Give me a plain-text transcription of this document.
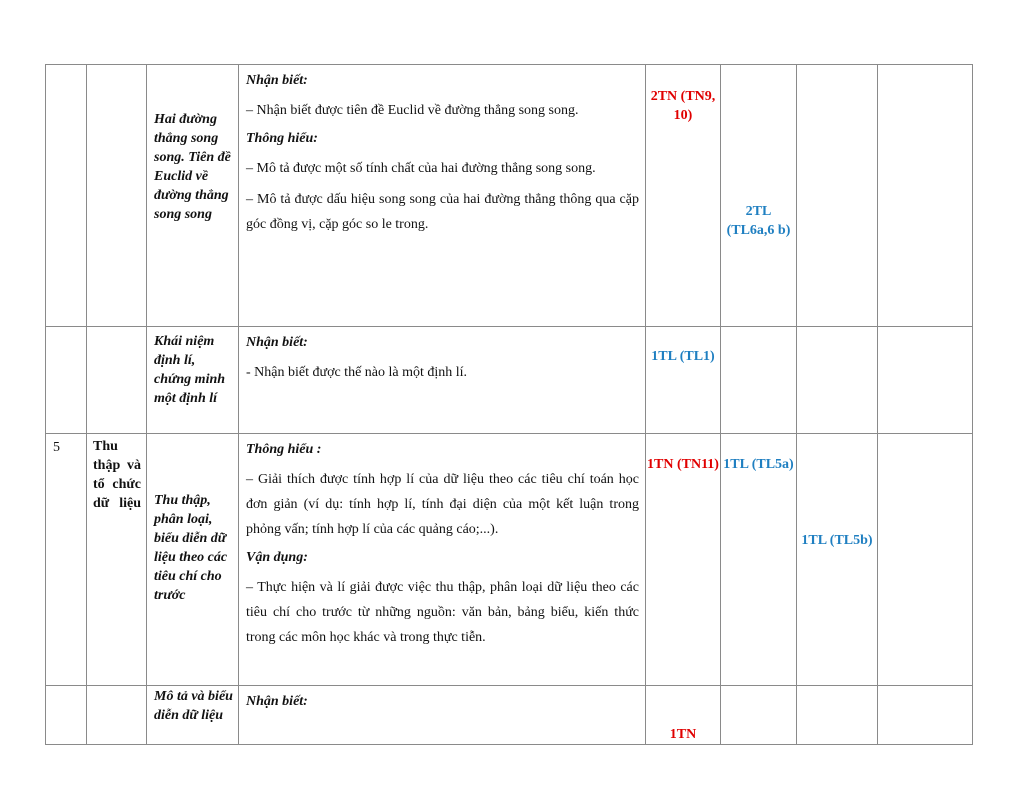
		Hai đường thẳng song song. Tiên đề Euclid về đường thẳng song song	Nhận biết:

– Nhận biết được tiên đề Euclid về đường thẳng song song.

Thông hiểu:

– Mô tả được một số tính chất của hai đường thẳng song song.

– Mô tả được dấu hiệu song song của hai đường thẳng thông qua cặp góc đồng vị, cặp góc so le trong.	2TN (TN9, 10)	2TL (TL6a,6 b)		

		Khái niệm định lí, chứng minh một định lí	Nhận biết:

- Nhận biết được thế nào là một định lí.	1TL (TL1)			

5	Thu thập và tổ chức dữ liệu	Thu thập, phân loại, biểu diễn dữ liệu theo các tiêu chí cho trước	Thông hiểu :

– Giải thích được tính hợp lí của dữ liệu theo các tiêu chí toán học đơn giản (ví dụ: tính hợp lí, tính đại diện của một kết luận trong phỏng vấn; tính hợp lí của các quảng cáo;...).

Vận dụng:

– Thực hiện và lí giải được việc thu thập, phân loại dữ liệu theo các tiêu chí cho trước từ những nguồn: văn bản, bảng biểu, kiến thức trong các môn học khác và trong thực tiễn.	1TN (TN11)	1TL (TL5a)	1TL (TL5b)	

		Mô tả và biểu diễn dữ liệu	Nhận biết:	1TN			
